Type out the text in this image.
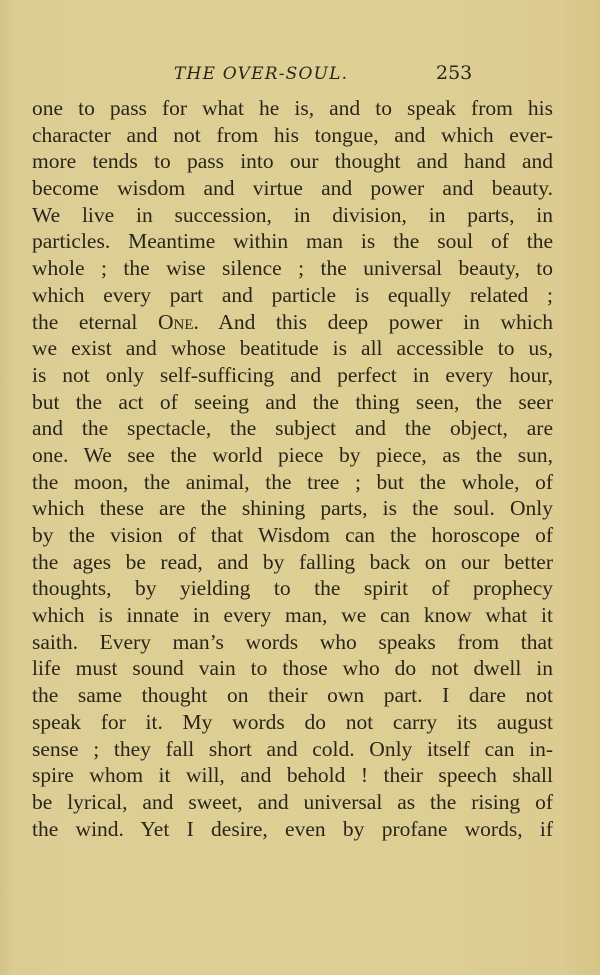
THE OVER-SOUL.	253
one to pass for what he is, and to speak from his
character and not from his tongue, and which ever-
more tends to pass into our thought and hand and
become wisdom and virtue and power and beauty.
We live in succession, in division, in parts, in
particles. Meantime within man is the soul of the
whole ; the wise silence ; the universal beauty, to
which every part and particle is equally related ;
the eternal One. And this deep power in which
we exist and whose beatitude is all accessible to us,
is not only self-sufficing and perfect in every hour,
but the act of seeing and the thing seen, the seer
and the spectacle, the subject and the object, are
one. We see the world piece by piece, as the sun,
the moon, the animal, the tree ; but the whole, of
which these are the shining parts, is the soul. Only
by the vision of that Wisdom can the horoscope of
the ages be read, and by falling back on our better
thoughts, by yielding to the spirit of prophecy
which is innate in every man, we can know what it
saith. Every man’s words who speaks from that
life must sound vain to those who do not dwell in
the same thought on their own part. I dare not
speak for it. My words do not carry its august
sense ; they fall short and cold. Only itself can in-
spire whom it will, and behold ! their speech shall
be lyrical, and sweet, and universal as the rising of
the wind. Yet I desire, even by profane words, if
